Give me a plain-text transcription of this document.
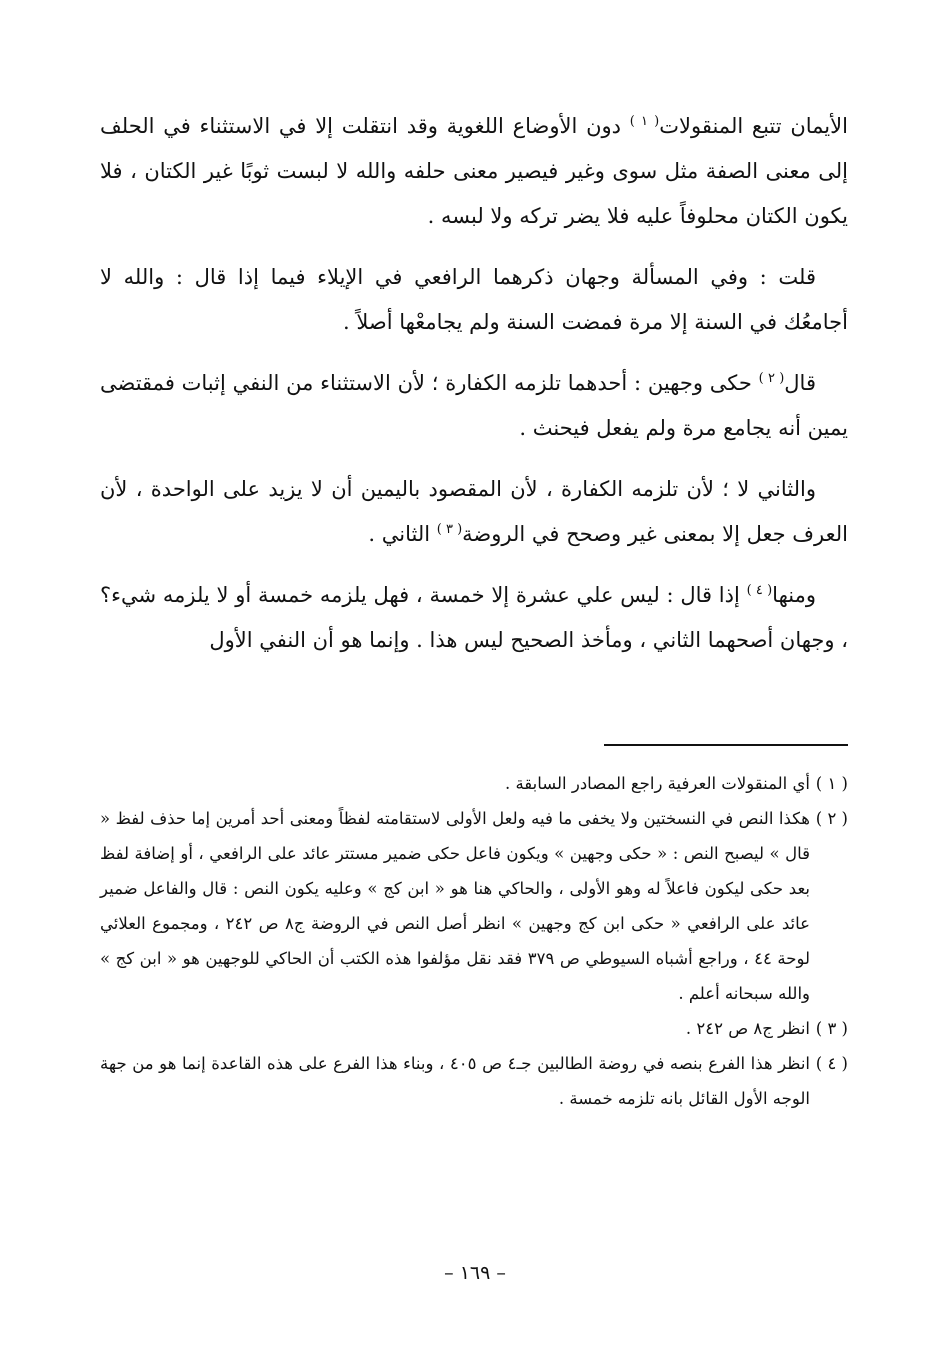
الأيمان تتبع المنقولات$^{( ١ )}$ دون الأوضاع اللغوية وقد انتقلت إلا في الاستثناء في الحلف إلى معنى الصفة مثل سوى وغير فيصير معنى حلفه والله لا لبست ثوبًا غير الكتان ، فلا يكون الكتان محلوفاً عليه فلا يضر تركه ولا لبسه .

قلت : وفي المسألة وجهان ذكرهما الرافعي في الإيلاء فيما إذا قال : والله لا أجامعُك في السنة إلا مرة فمضت السنة ولم يجامعْها أصلاً .

قال$^{( ٢ )}$ حكى وجهين : أحدهما تلزمه الكفارة ؛ لأن الاستثناء من النفي إثبات فمقتضى يمين أنه يجامع مرة ولم يفعل فيحنث .

والثاني لا ؛ لأن تلزمه الكفارة ، لأن المقصود باليمين أن لا يزيد على الواحدة ، لأن العرف جعل إلا بمعنى غير وصحح في الروضة$^{( ٣ )}$ الثاني .

ومنها$^{( ٤ )}$ إذا قال : ليس علي عشرة إلا خمسة ، فهل يلزمه خمسة أو لا يلزمه شيء؟ ، وجهان أصحهما الثاني ، ومأخذ الصحيح ليس هذا . وإنما هو أن النفي الأول

( ١ )
أي المنقولات العرفية راجع المصادر السابقة .
( ٢ )
هكذا النص في النسختين ولا يخفى ما فيه ولعل الأولى لاستقامته لفظاً ومعنى أحد أمرين إما حذف لفظ « قال » ليصبح النص : « حكى وجهين » ويكون فاعل حكى ضمير مستتر عائد على الرافعي ، أو إضافة لفظ بعد حكى ليكون فاعلاً له وهو الأولى ، والحاكي هنا هو « ابن كج » وعليه يكون النص : قال والفاعل ضمير عائد على الرافعي « حكى ابن كج وجهين » انظر أصل النص في الروضة ج٨ ص ٢٤٢ ، ومجموع العلائي لوحة ٤٤ ، وراجع أشباه السيوطي ص ٣٧٩ فقد نقل مؤلفوا هذه الكتب أن الحاكي للوجهين هو « ابن كج » والله سبحانه أعلم .
( ٣ )
انظر ج٨ ص ٢٤٢ .
( ٤ )
انظر هذا الفرع بنصه في روضة الطالبين جـ٤ ص ٤٠٥ ، وبناء هذا الفرع على هذه القاعدة إنما هو من جهة الوجه الأول القائل بانه تلزمه خمسة .
– ١٦٩ –
